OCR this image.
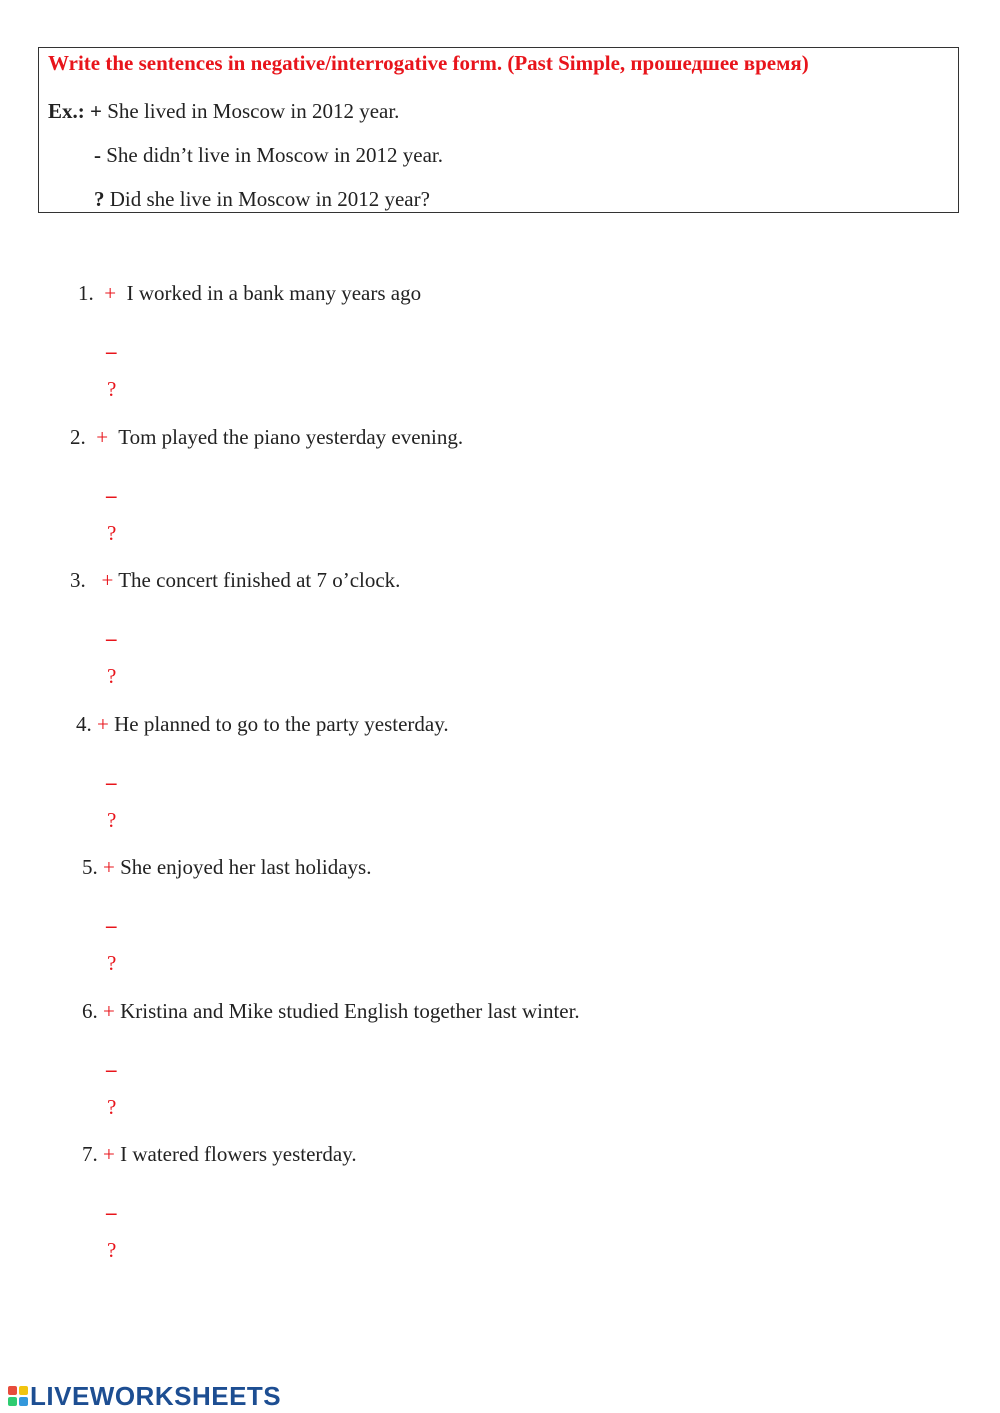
Write the sentences in negative/interrogative form. (Past Simple, прошедшее время)
Ex.: + She lived in Moscow in 2012 year.
- She didn’t live in Moscow in 2012 year.
? Did she live in Moscow in 2012 year?
1. + I worked in a bank many years ago
–
?
2. + Tom played the piano yesterday evening.
–
?
3. + The concert finished at 7 o’clock.
–
?
4. + He planned to go to the party yesterday.
–
?
5. + She enjoyed her last holidays.
–
?
6. + Kristina and Mike studied English together last winter.
–
?
7. + I watered flowers yesterday.
–
?
LIVEWORKSHEETS
